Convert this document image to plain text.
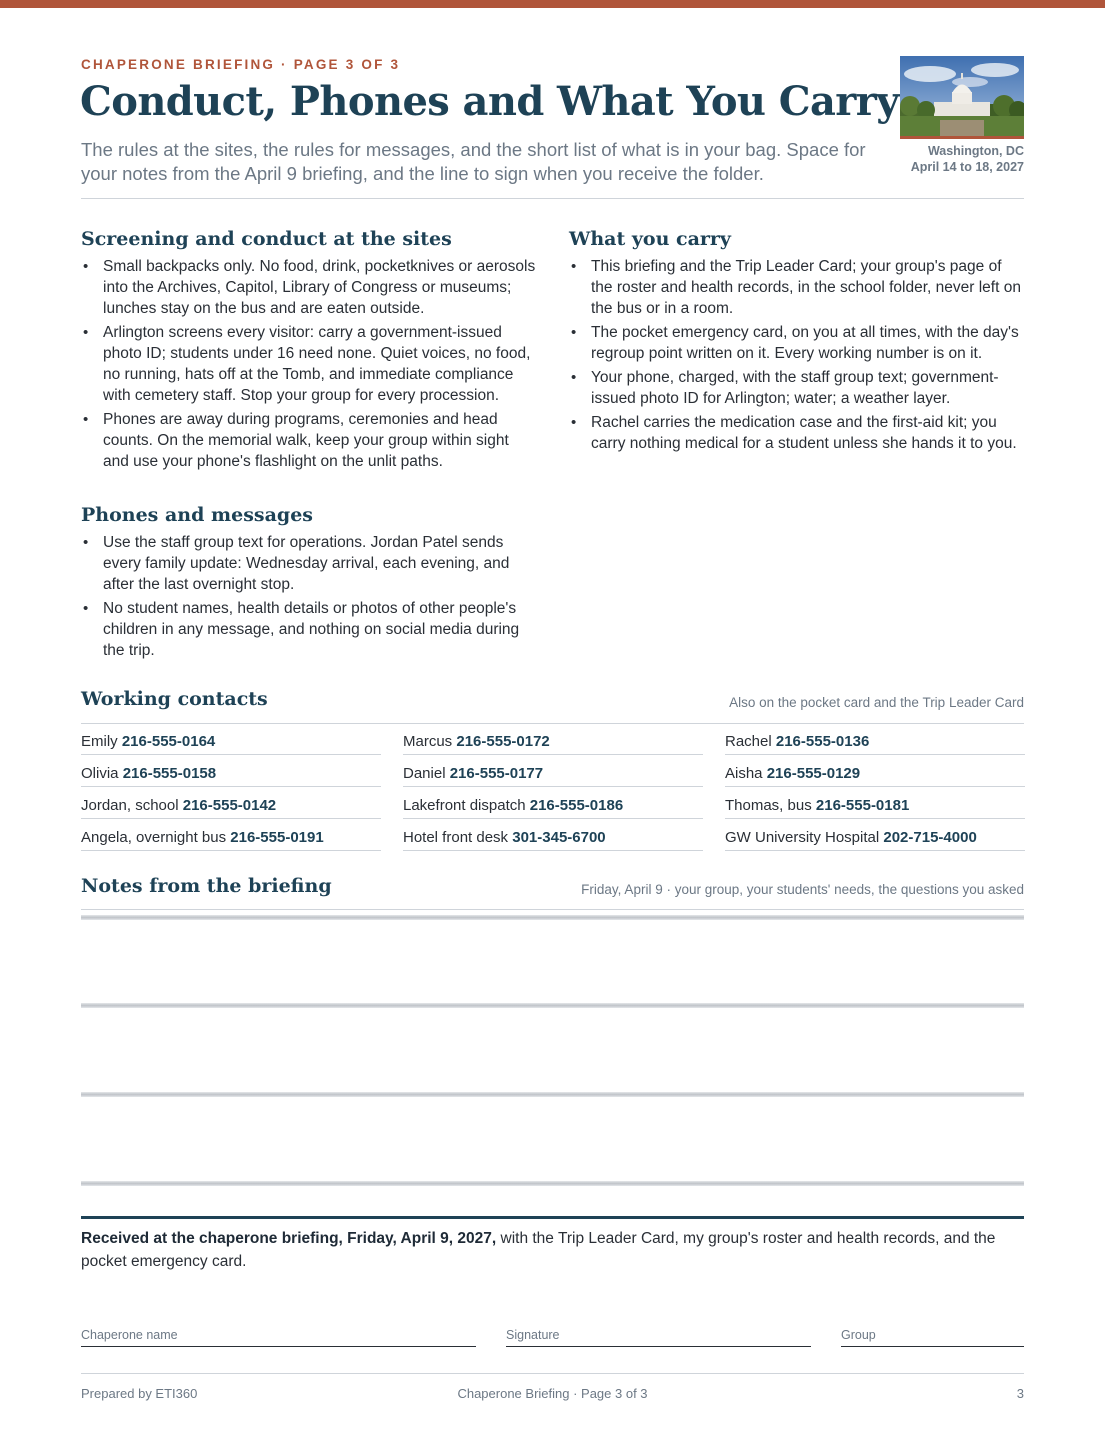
CHAPERONE BRIEFING · PAGE 3 OF 3
Conduct, Phones and What You Carry

The rules at the sites, the rules for messages, and the short list of what is in your bag. Space for your notes from the April 9 briefing, and the line to sign when you receive the folder.

Washington, DC
April 14 to 18, 2027
Screening and conduct at the sites
• Small backpacks only. No food, drink, pocketknives or aerosols into the Archives, Capitol, Library of Congress or museums; lunches stay on the bus and are eaten outside.
• Arlington screens every visitor: carry a government-issued photo ID; students under 16 need none. Quiet voices, no food, no running, hats off at the Tomb, and immediate compliance with cemetery staff. Stop your group for every procession.
• Phones are away during programs, ceremonies and head counts. On the memorial walk, keep your group within sight and use your phone's flashlight on the unlit paths.
Phones and messages
• Use the staff group text for operations. Jordan Patel sends every family update: Wednesday arrival, each evening, and after the last overnight stop.
• No student names, health details or photos of other people's children in any message, and nothing on social media during the trip.
What you carry
• This briefing and the Trip Leader Card; your group's page of the roster and health records, in the school folder, never left on the bus or in a room.
• The pocket emergency card, on you at all times, with the day's regroup point written on it. Every working number is on it.
• Your phone, charged, with the staff group text; government-issued photo ID for Arlington; water; a weather layer.
• Rachel carries the medication case and the first-aid kit; you carry nothing medical for a student unless she hands it to you.
Working contacts	Also on the pocket card and the Trip Leader Card
Emily 216-555-0164	Marcus 216-555-0172	Rachel 216-555-0136
Olivia 216-555-0158	Daniel 216-555-0177	Aisha 216-555-0129
Jordan, school 216-555-0142	Lakefront dispatch 216-555-0186	Thomas, bus 216-555-0181
Angela, overnight bus 216-555-0191	Hotel front desk 301-345-6700	GW University Hospital 202-715-4000
Notes from the briefing	Friday, April 9 · your group, your students' needs, the questions you asked

Received at the chaperone briefing, Friday, April 9, 2027, with the Trip Leader Card, my group's roster and health records, and the pocket emergency card.

Chaperone name	Signature	Group
Prepared by ETI360	Chaperone Briefing · Page 3 of 3	3
